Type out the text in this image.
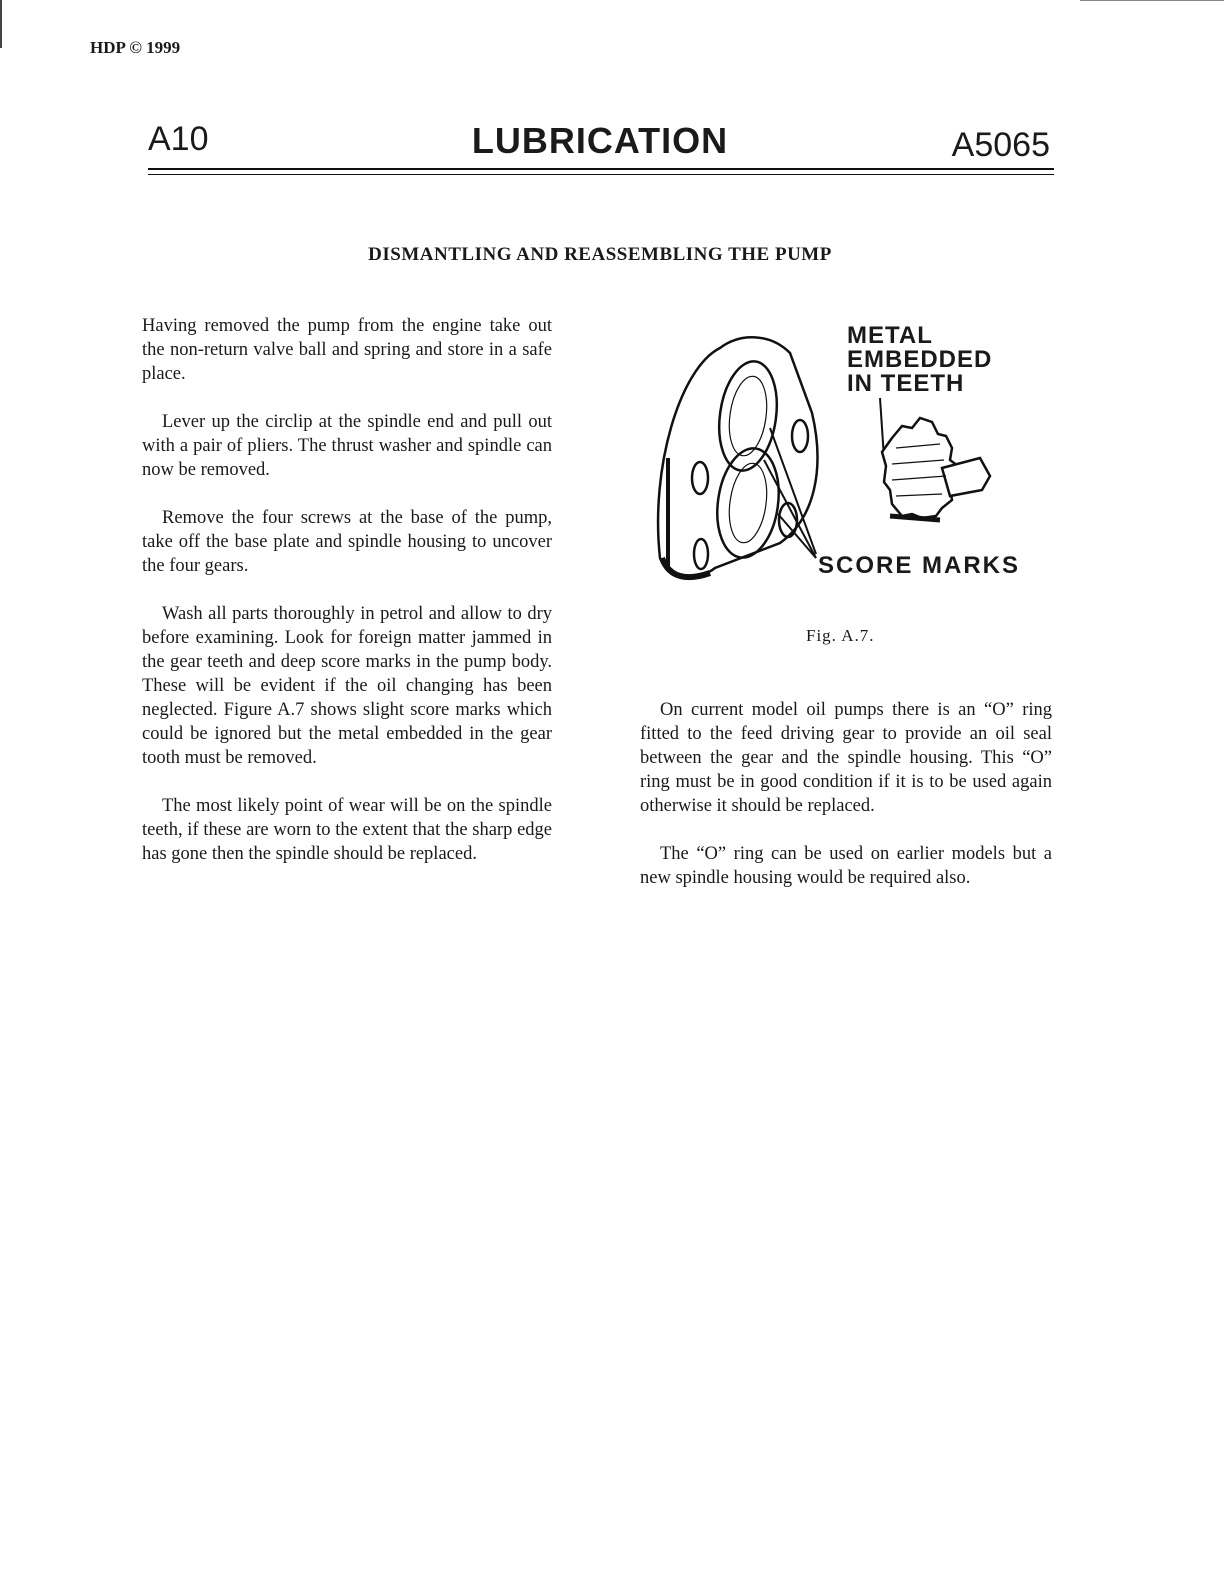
HDP © 1999
A10	LUBRICATION	A5065
DISMANTLING AND REASSEMBLING THE PUMP

Having removed the pump from the engine take out the non-return valve ball and spring and store in a safe place.

Lever up the circlip at the spindle end and pull out with a pair of pliers. The thrust washer and spindle can now be removed.

Remove the four screws at the base of the pump, take off the base plate and spindle housing to uncover the four gears.

Wash all parts thoroughly in petrol and allow to dry before examining. Look for foreign matter jammed in the gear teeth and deep score marks in the pump body. These will be evident if the oil changing has been neglected. Figure A.7 shows slight score marks which could be ignored but the metal embedded in the gear tooth must be removed.

The most likely point of wear will be on the spindle teeth, if these are worn to the extent that the sharp edge has gone then the spindle should be replaced.

METAL
EMBEDDED
IN TEETH
SCORE MARKS
Fig. A.7.

On current model oil pumps there is an “O” ring fitted to the feed driving gear to provide an oil seal between the gear and the spindle housing. This “O” ring must be in good condition if it is to be used again otherwise it should be replaced.

The “O” ring can be used on earlier models but a new spindle housing would be required also.
